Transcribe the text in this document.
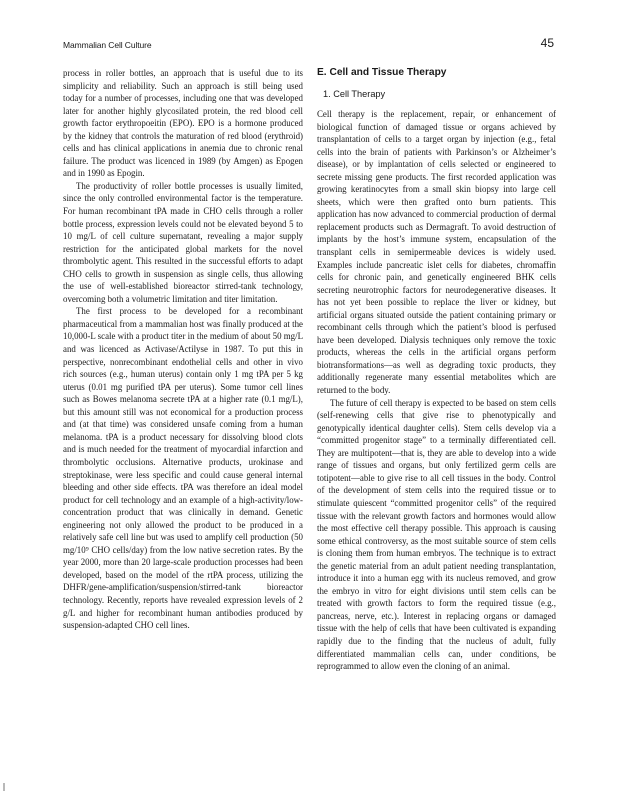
Mammalian Cell Culture	45

process in roller bottles, an approach that is useful due to its simplicity and reliability. Such an approach is still being used today for a number of processes, including one that was developed later for another highly glycosilated protein, the red blood cell growth factor erythropoeitin (EPO). EPO is a hormone produced by the kidney that controls the maturation of red blood (erythroid) cells and has clinical applications in anemia due to chronic renal failure. The product was licenced in 1989 (by Amgen) as Epogen and in 1990 as Epogin.

The productivity of roller bottle processes is usually limited, since the only controlled environmental factor is the temperature. For human recombinant tPA made in CHO cells through a roller bottle process, expression levels could not be elevated beyond 5 to 10 mg/L of cell culture supernatant, revealing a major supply restriction for the anticipated global markets for the novel thrombolytic agent. This resulted in the successful efforts to adapt CHO cells to growth in suspension as single cells, thus allowing the use of well-established bioreactor stirred-tank technology, overcoming both a volumetric limitation and titer limitation.

The first process to be developed for a recombinant pharmaceutical from a mammalian host was finally produced at the 10,000-L scale with a product titer in the medium of about 50 mg/L and was licenced as Activase/Actilyse in 1987. To put this in perspective, nonrecombinant endothelial cells and other in vivo rich sources (e.g., human uterus) contain only 1 mg tPA per 5 kg uterus (0.01 mg purified tPA per uterus). Some tumor cell lines such as Bowes melanoma secrete tPA at a higher rate (0.1 mg/L), but this amount still was not economical for a production process and (at that time) was considered unsafe coming from a human melanoma. tPA is a product necessary for dissolving blood clots and is much needed for the treatment of myocardial infarction and thrombolytic occlusions. Alternative products, urokinase and streptokinase, were less specific and could cause general internal bleeding and other side effects. tPA was therefore an ideal model product for cell technology and an example of a high-activity/low-concentration product that was clinically in demand. Genetic engineering not only allowed the product to be produced in a relatively safe cell line but was used to amplify cell production (50 mg/10⁹ CHO cells/day) from the low native secretion rates. By the year 2000, more than 20 large-scale production processes had been developed, based on the model of the rtPA process, utilizing the DHFR/gene-amplification/suspension/stirred-tank bioreactor technology. Recently, reports have revealed expression levels of 2 g/L and higher for recombinant human antibodies produced by suspension-adapted CHO cell lines.

E. Cell and Tissue Therapy
1. Cell Therapy

Cell therapy is the replacement, repair, or enhancement of biological function of damaged tissue or organs achieved by transplantation of cells to a target organ by injection (e.g., fetal cells into the brain of patients with Parkinson’s or Alzheimer’s disease), or by implantation of cells selected or engineered to secrete missing gene products. The first recorded application was growing keratinocytes from a small skin biopsy into large cell sheets, which were then grafted onto burn patients. This application has now advanced to commercial production of dermal replacement products such as Dermagraft. To avoid destruction of implants by the host’s immune system, encapsulation of the transplant cells in semipermeable devices is widely used. Examples include pancreatic islet cells for diabetes, chromaffin cells for chronic pain, and genetically engineered BHK cells secreting neurotrophic factors for neurodegenerative diseases. It has not yet been possible to replace the liver or kidney, but artificial organs situated outside the patient containing primary or recombinant cells through which the patient’s blood is perfused have been developed. Dialysis techniques only remove the toxic products, whereas the cells in the artificial organs perform biotransformations—as well as degrading toxic products, they additionally regenerate many essential metabolites which are returned to the body.

The future of cell therapy is expected to be based on stem cells (self-renewing cells that give rise to phenotypically and genotypically identical daughter cells). Stem cells develop via a “committed progenitor stage” to a terminally differentiated cell. They are multipotent—that is, they are able to develop into a wide range of tissues and organs, but only fertilized germ cells are totipotent—able to give rise to all cell tissues in the body. Control of the development of stem cells into the required tissue or to stimulate quiescent “committed progenitor cells” of the required tissue with the relevant growth factors and hormones would allow the most effective cell therapy possible. This approach is causing some ethical controversy, as the most suitable source of stem cells is cloning them from human embryos. The technique is to extract the genetic material from an adult patient needing transplantation, introduce it into a human egg with its nucleus removed, and grow the embryo in vitro for eight divisions until stem cells can be treated with growth factors to form the required tissue (e.g., pancreas, nerve, etc.). Interest in replacing organs or damaged tissue with the help of cells that have been cultivated is expanding rapidly due to the finding that the nucleus of adult, fully differentiated mammalian cells can, under conditions, be reprogrammed to allow even the cloning of an animal.
